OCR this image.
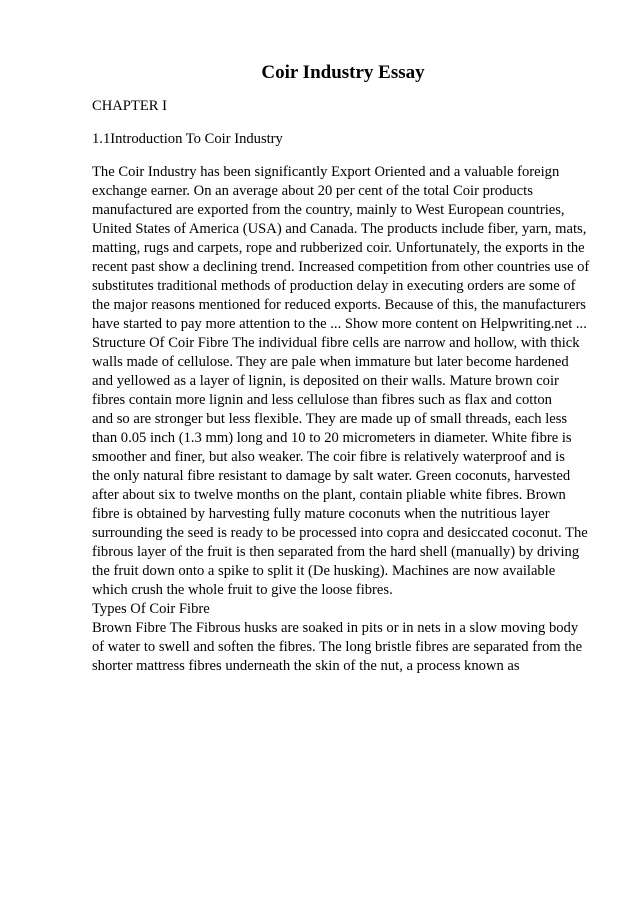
Coir Industry Essay

CHAPTER I

1.1Introduction To Coir Industry

The Coir Industry has been significantly Export Oriented and a valuable foreign

exchange earner. On an average about 20 per cent of the total Coir products

manufactured are exported from the country, mainly to West European countries,

United States of America (USA) and Canada. The products include fiber, yarn, mats,

matting, rugs and carpets, rope and rubberized coir. Unfortunately, the exports in the

recent past show a declining trend. Increased competition from other countries use of

substitutes traditional methods of production delay in executing orders are some of

the major reasons mentioned for reduced exports. Because of this, the manufacturers

have started to pay more attention to the ... Show more content on Helpwriting.net ...

Structure Of Coir Fibre The individual fibre cells are narrow and hollow, with thick

walls made of cellulose. They are pale when immature but later become hardened

and yellowed as a layer of lignin, is deposited on their walls. Mature brown coir

fibres contain more lignin and less cellulose than fibres such as flax and cotton

and so are stronger but less flexible. They are made up of small threads, each less

than 0.05 inch (1.3 mm) long and 10 to 20 micrometers in diameter. White fibre is

smoother and finer, but also weaker. The coir fibre is relatively waterproof and is

the only natural fibre resistant to damage by salt water. Green coconuts, harvested

after about six to twelve months on the plant, contain pliable white fibres. Brown

fibre is obtained by harvesting fully mature coconuts when the nutritious layer

surrounding the seed is ready to be processed into copra and desiccated coconut. The

fibrous layer of the fruit is then separated from the hard shell (manually) by driving

the fruit down onto a spike to split it (De husking). Machines are now available

which crush the whole fruit to give the loose fibres.

Types Of Coir Fibre

Brown Fibre The Fibrous husks are soaked in pits or in nets in a slow moving body

of water to swell and soften the fibres. The long bristle fibres are separated from the

shorter mattress fibres underneath the skin of the nut, a process known as
